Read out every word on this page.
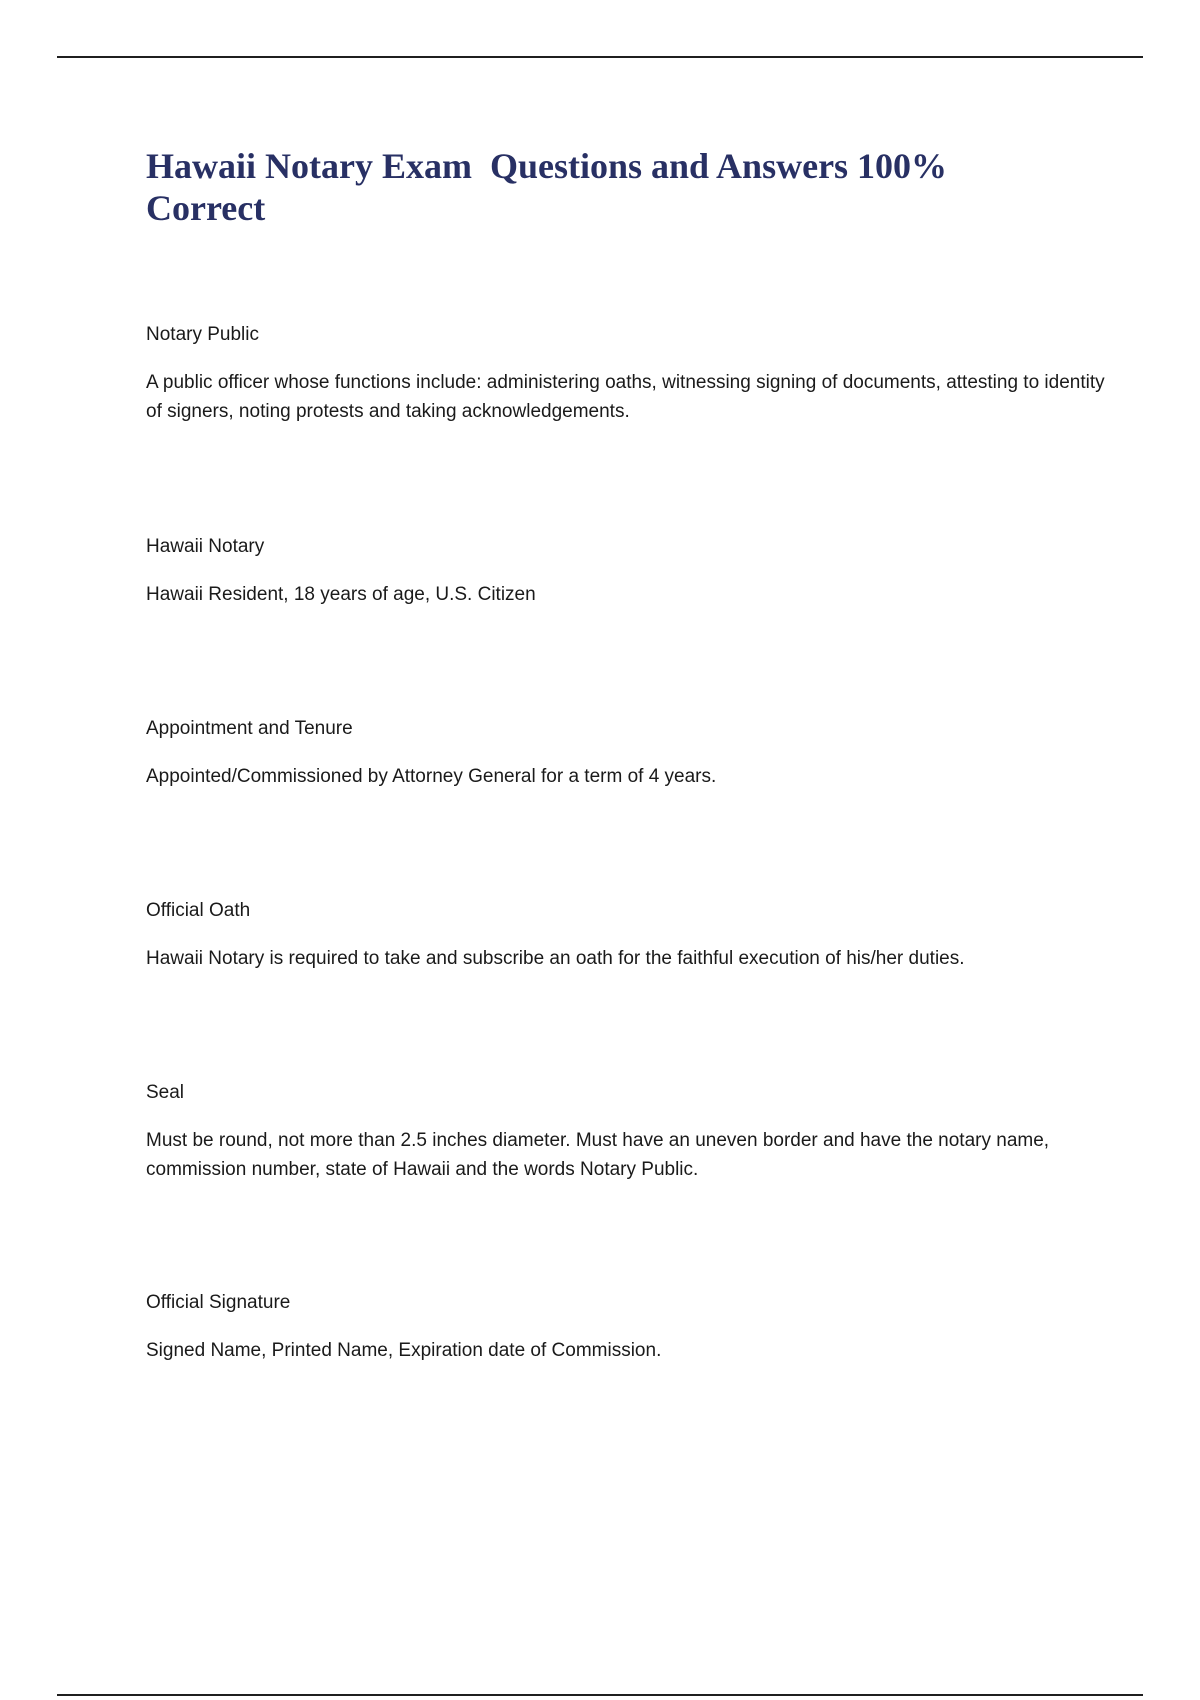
Hawaii Notary Exam  Questions and Answers 100% Correct

Notary Public

A public officer whose functions include: administering oaths, witnessing signing of documents, attesting to identity of signers, noting protests and taking acknowledgements.

Hawaii Notary

Hawaii Resident, 18 years of age, U.S. Citizen

Appointment and Tenure

Appointed/Commissioned by Attorney General for a term of 4 years.

Official Oath

Hawaii Notary is required to take and subscribe an oath for the faithful execution of his/her duties.

Seal

Must be round, not more than 2.5 inches diameter. Must have an uneven border and have the notary name, commission number, state of Hawaii and the words Notary Public.

Official Signature

Signed Name, Printed Name, Expiration date of Commission.
